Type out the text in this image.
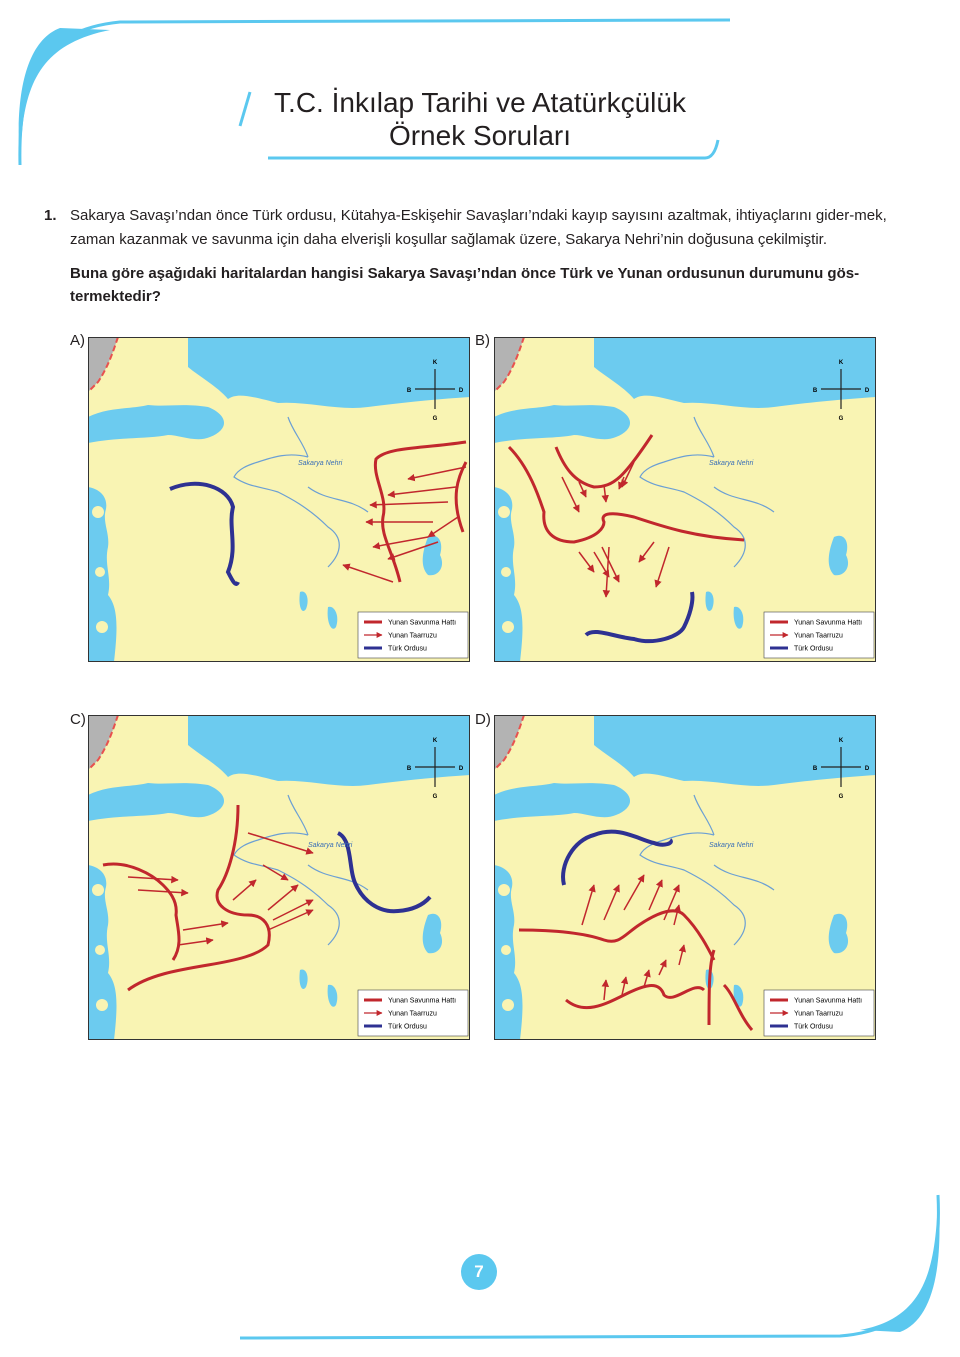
T.C. İnkılap Tarihi ve Atatürkçülük
Örnek Soruları
1. Sakarya Savaşı’ndan önce Türk ordusu, Kütahya-Eskişehir Savaşları’ndaki kayıp sayısını azaltmak, ihtiyaçlarını gider-mek, zaman kazanmak ve savunma için daha elverişli koşullar sağlamak üzere, Sakarya Nehri’nin doğusuna çekilmiştir.
Buna göre aşağıdaki haritalardan hangisi Sakarya Savaşı’ndan önce Türk ve Yunan ordusunun durumunu gös-termektedir?
A)	B)
C)	D)
Sakarya Nehri
K
G
B	D
Yunan Savunma Hattı
Yunan Taarruzu
Türk Ordusu
Sakarya Nehri
K
G
B	D
Yunan Savunma Hattı
Yunan Taarruzu
Türk Ordusu
Sakarya Nehri
K
G
B	D
Yunan Savunma Hattı
Yunan Taarruzu
Türk Ordusu
Sakarya Nehri
K
G
B	D
Yunan Savunma Hattı
Yunan Taarruzu
Türk Ordusu
7
